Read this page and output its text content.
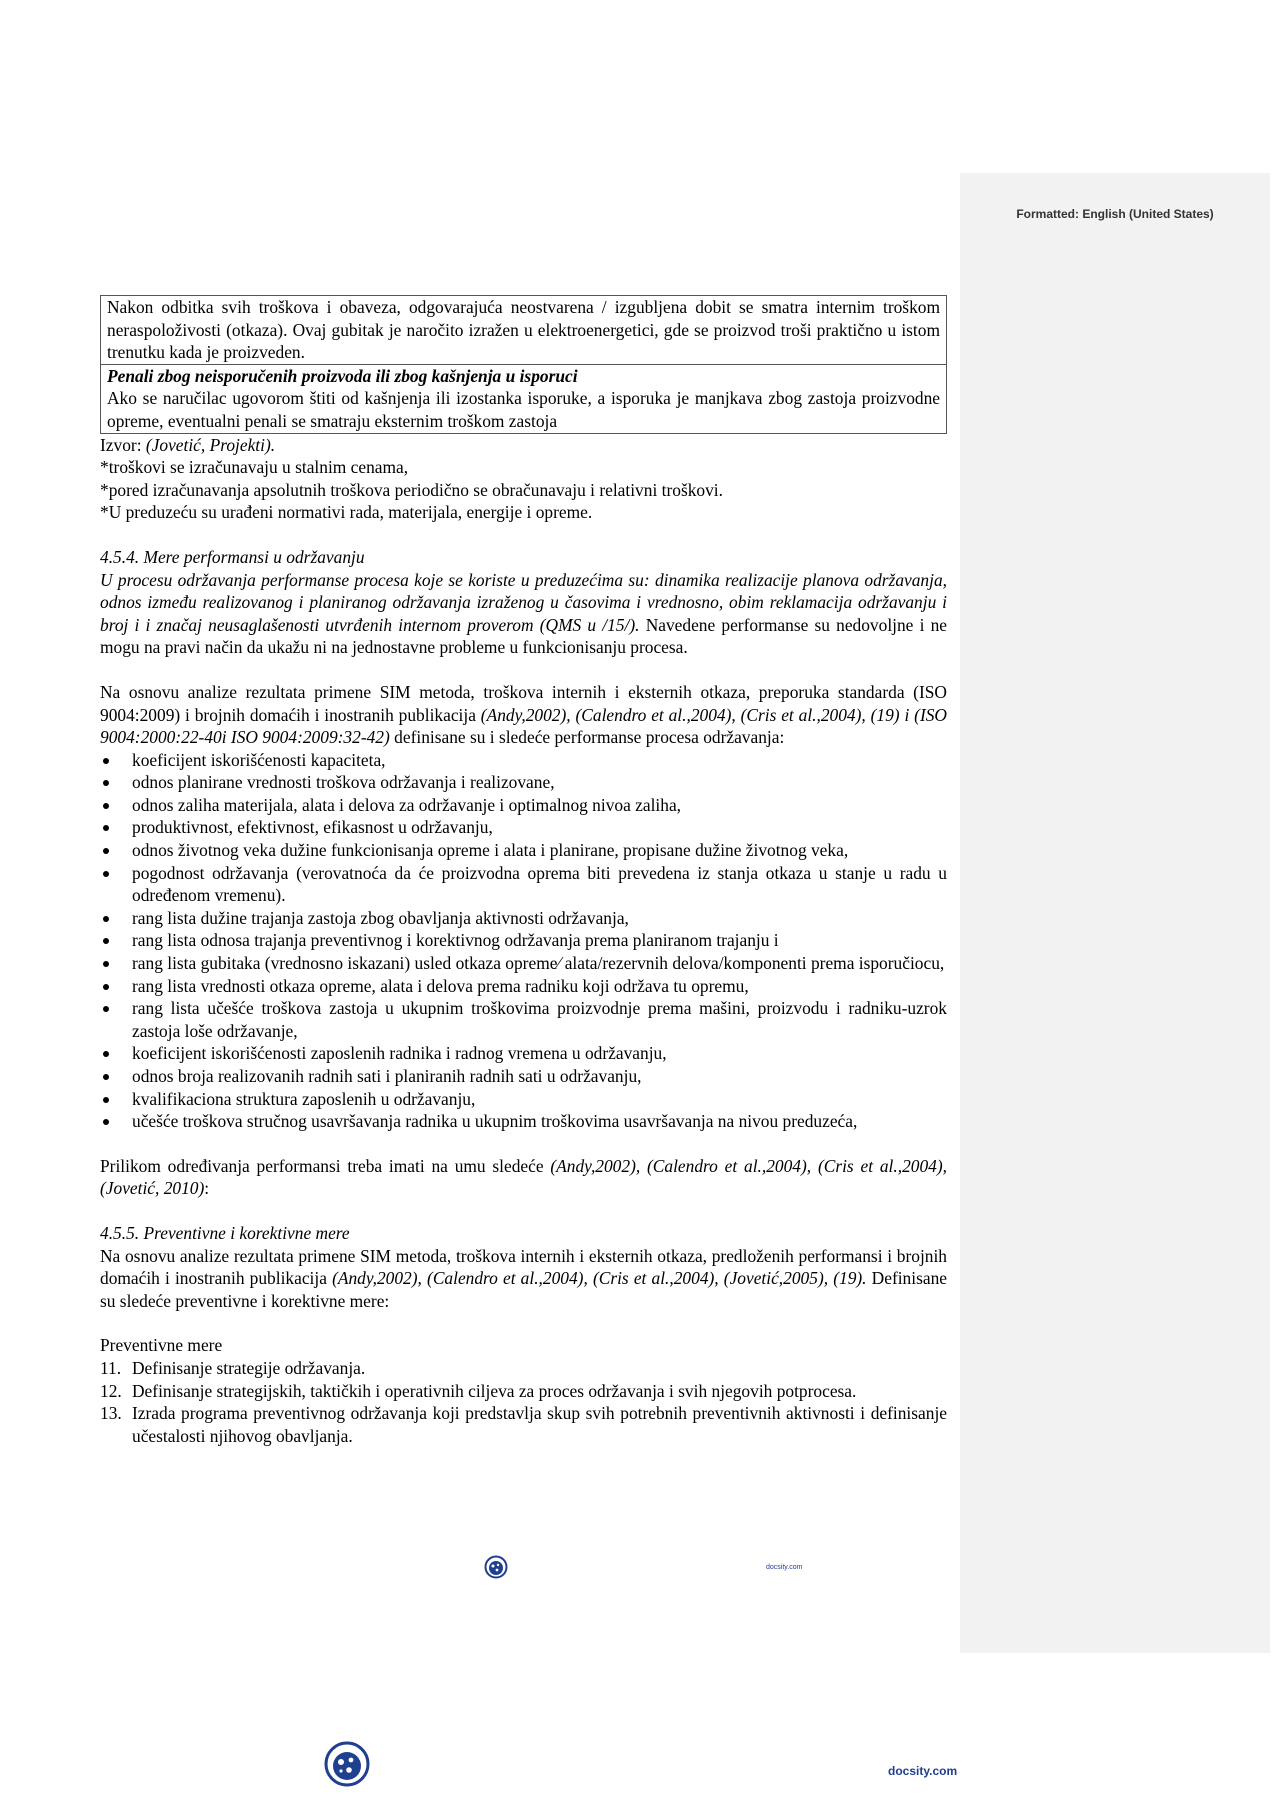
Formatted: English (United States)
Nakon odbitka svih troškova i obaveza, odgovarajuća neostvarena / izgubljena dobit se smatra internim troškom neraspoloživosti (otkaza). Ovaj gubitak je naročito izražen u elektroenergetici, gde se proizvod troši praktično u istom trenutku kada je proizveden.

Penali zbog neisporučenih proizvoda ili zbog kašnjenja u isporuci
Ako se naručilac ugovorom štiti od kašnjenja ili izostanka isporuke, a isporuka je manjkava zbog zastoja proizvodne opreme, eventualni penali se smatraju eksternim troškom zastoja

Izvor: (Jovetić, Projekti).

*troškovi se izračunavaju u stalnim cenama,

*pored izračunavanja apsolutnih troškova periodično se obračunavaju i relativni troškovi.

*U preduzeću su urađeni normativi rada, materijala, energije i opreme.

4.5.4. Mere performansi u održavanju

U procesu održavanja performanse procesa koje se koriste u preduzećima su: dinamika realizacije planova održavanja, odnos između realizovanog i planiranog održavanja izraženog u časovima i vrednosno, obim reklamacija održavanju i broj i i značaj neusaglašenosti utvrđenih internom proverom (QMS u /15/). Navedene performanse su nedovoljne i ne mogu na pravi način da ukažu ni na jednostavne probleme u funkcionisanju procesa.

Na osnovu analize rezultata primene SIM metoda, troškova internih i eksternih otkaza, preporuka standarda (ISO 9004:2009) i brojnih domaćih i inostranih publikacija (Andy,2002), (Calendro et al.,2004), (Cris et al.,2004), (19) i (ISO 9004:2000:22-40i ISO 9004:2009:32-42) definisane su i sledeće performanse procesa održavanja:

koeficijent iskorišćenosti kapaciteta,
odnos planirane vrednosti troškova održavanja i realizovane,
odnos zaliha materijala, alata i delova za održavanje i optimalnog nivoa zaliha,
produktivnost, efektivnost, efikasnost u održavanju,
odnos životnog veka dužine funkcionisanja opreme i alata i planirane, propisane dužine životnog veka,
pogodnost održavanja (verovatnoća da će proizvodna oprema biti prevedena iz stanja otkaza u stanje u radu u određenom vremenu).
rang lista dužine trajanja zastoja zbog obavljanja aktivnosti održavanja,
rang lista odnosa trajanja preventivnog i korektivnog održavanja prema planiranom trajanju i
rang lista gubitaka (vrednosno iskazani) usled otkaza opreme⁄ alata/rezervnih delova/komponenti prema isporučiocu,
rang lista vrednosti otkaza opreme, alata i delova prema radniku koji održava tu opremu,
rang lista učešće troškova zastoja u ukupnim troškovima proizvodnje prema mašini, proizvodu i radniku-uzrok zastoja loše održavanje,
koeficijent iskorišćenosti zaposlenih radnika i radnog vremena u održavanju,
odnos broja realizovanih radnih sati i planiranih radnih sati u održavanju,
kvalifikaciona struktura zaposlenih u održavanju,
učešće troškova stručnog usavršavanja radnika u ukupnim troškovima usavršavanja na nivou preduzeća,

Prilikom određivanja performansi treba imati na umu sledeće (Andy,2002), (Calendro et al.,2004), (Cris et al.,2004), (Jovetić, 2010):

4.5.5. Preventivne i korektivne mere

Na osnovu analize rezultata primene SIM metoda, troškova internih i eksternih otkaza, predloženih performansi i brojnih domaćih i inostranih publikacija (Andy,2002), (Calendro et al.,2004), (Cris et al.,2004), (Jovetić,2005), (19). Definisane su sledeće preventivne i korektivne mere:

Preventivne mere

11. Definisanje strategije održavanja.
12. Definisanje strategijskih, taktičkih i operativnih ciljeva za proces održavanja i svih njegovih potprocesa.
13. Izrada programa preventivnog održavanja koji predstavlja skup svih potrebnih preventivnih aktivnosti i definisanje učestalosti njihovog obavljanja.
docsity.com
docsity.com
